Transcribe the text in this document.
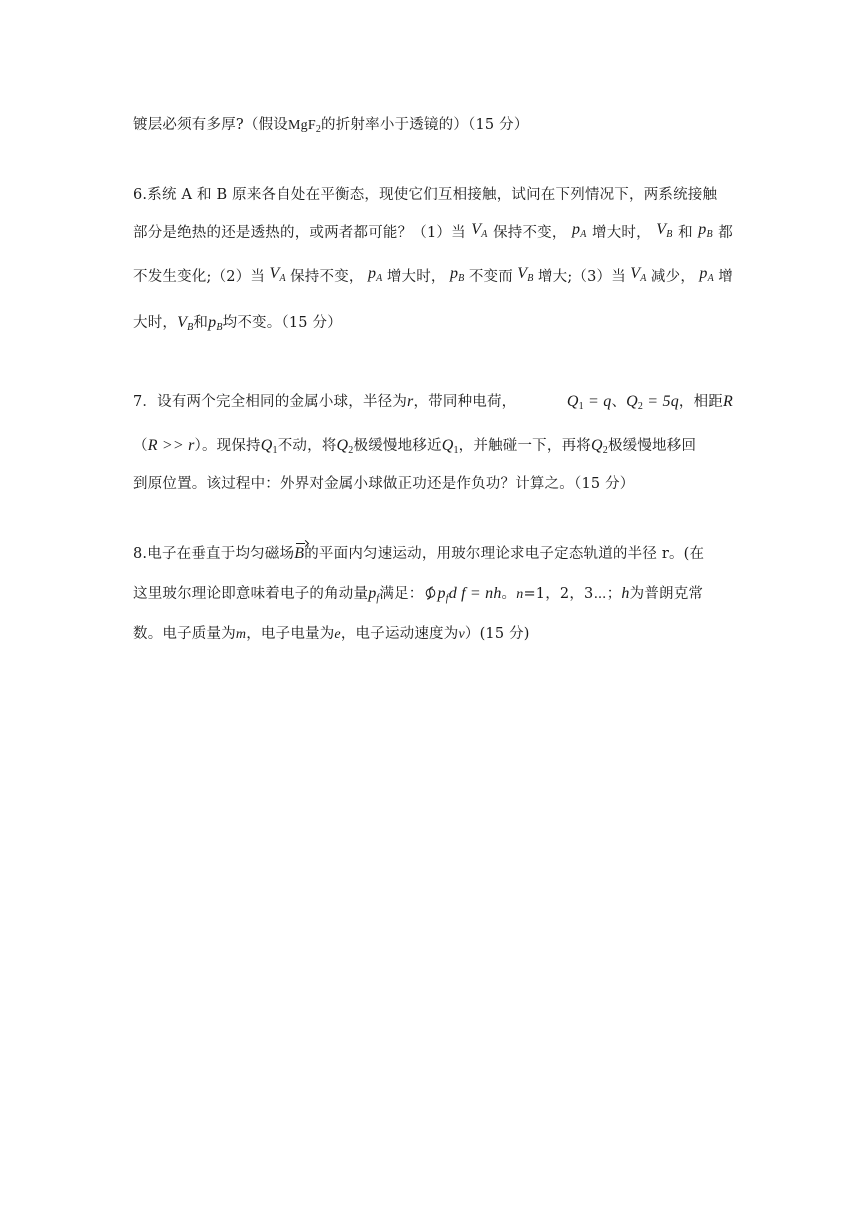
镀层必须有多厚?（假设MgF$_2$的折射率小于透镜的）（15 分）
6.系统 A 和 B 原来各自处在平衡态，现使它们互相接触，试问在下列情况下，两系统接触
部分是绝热的还是透热的，或两者都可能？（1）当 $V_A$ 保持不变， $p_A$ 增大时， $V_B$ 和 $p_B$ 都
不发生变化;（2）当 $V_A$ 保持不变， $p_A$ 增大时， $p_B$ 不变而 $V_B$ 增大;（3）当 $V_A$ 减少， $p_A$ 增
大时，$V_B$和$p_B$均不变。（15 分）
7．设有两个完全相同的金属小球，半径为r，带同种电荷，	$Q_1 = q$、$Q_2 = 5q$，相距R
（R >> r）。现保持$Q_1$不动，将$Q_2$极缓慢地移近$Q_1$，并触碰一下，再将$Q_2$极缓慢地移回
到原位置。该过程中：外界对金属小球做正功还是作负功？计算之。（15 分）
8.电子在垂直于均匀磁场B的平面内匀速运动，用玻尔理论求电子定态轨道的半径 r。(在
这里玻尔理论即意味着电子的角动量$p_f$满足： $p_fd$ f = nh。n=1，2，3⋯；h为普朗克常
数。电子质量为m，电子电量为e，电子运动速度为v）(15 分)
